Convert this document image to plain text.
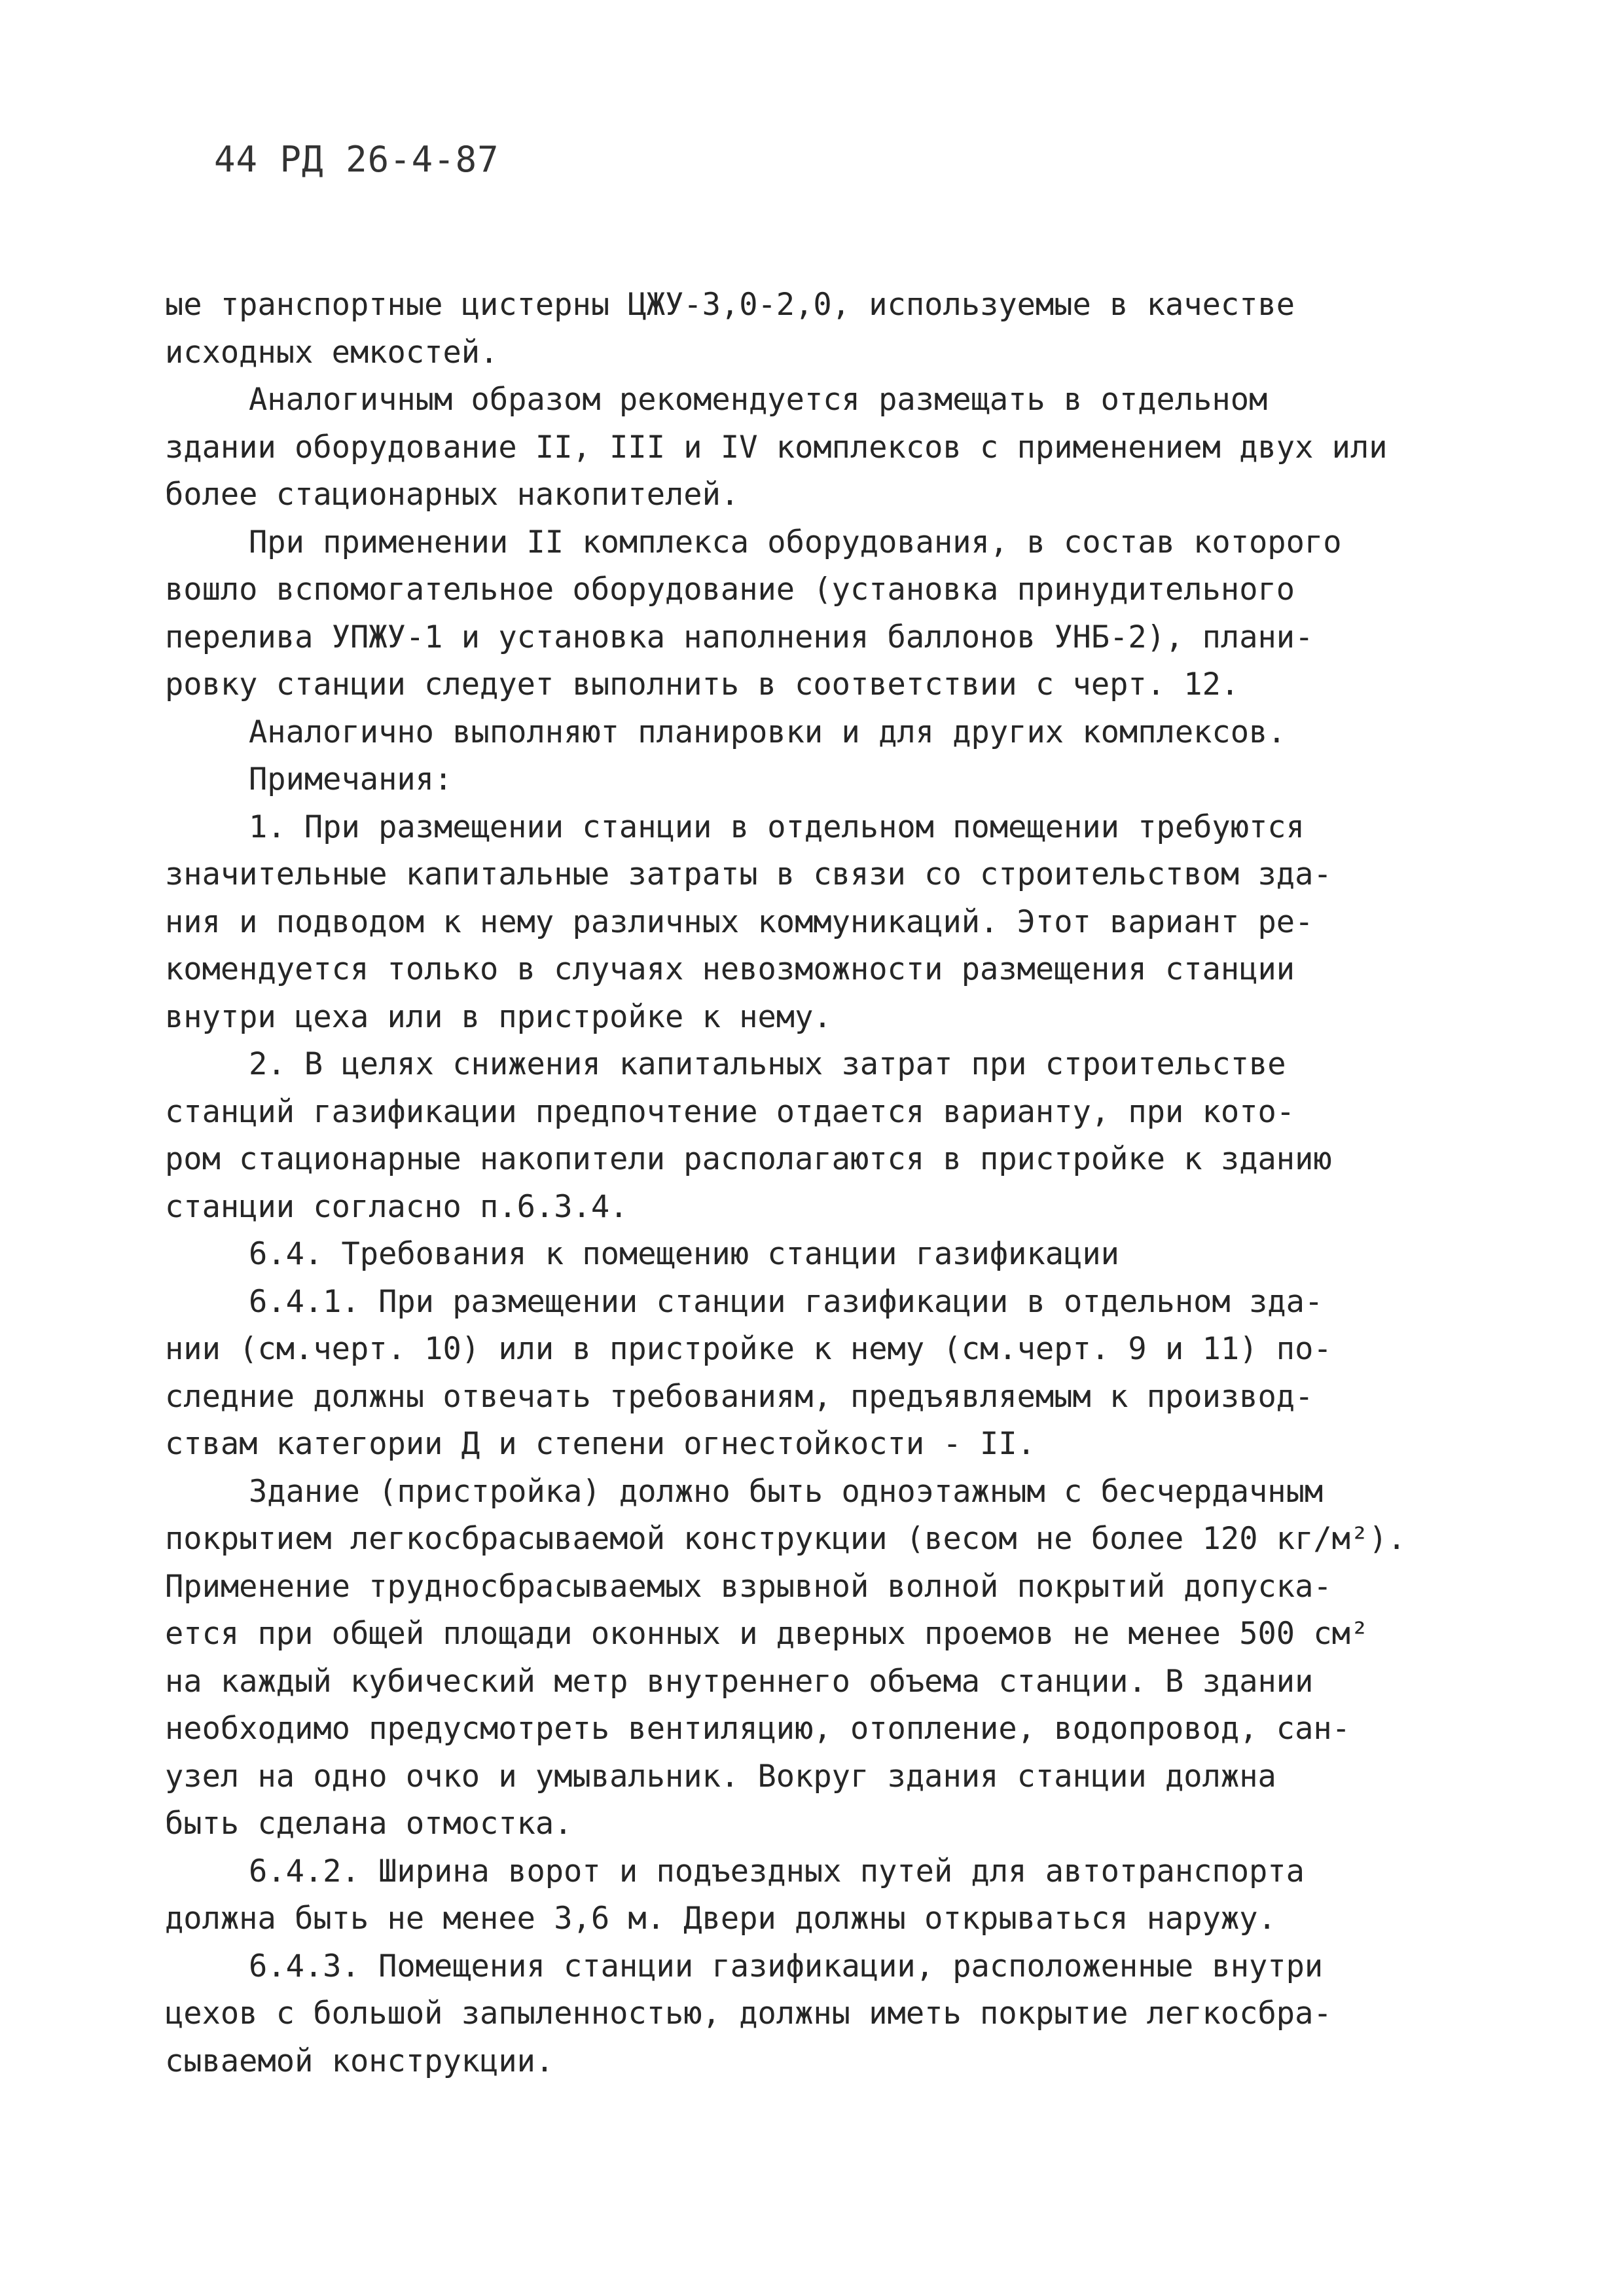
44 РД 26-4-87
ые транспортные цистерны ЦЖУ-3,0-2,0, используемые в качестве
исходных емкостей.
Аналогичным образом рекомендуется размещать в отдельном
здании оборудование II, III и IV комплексов с применением двух или
более стационарных накопителей.
При применении II комплекса оборудования, в состав которого
вошло вспомогательное оборудование (установка принудительного
перелива УПЖУ-1 и установка наполнения баллонов УНБ-2), плани-
ровку станции следует выполнить в соответствии с черт. 12.
Аналогично выполняют планировки и для других комплексов.
Примечания:
1. При размещении станции в отдельном помещении требуются
значительные капитальные затраты в связи со строительством зда-
ния и подводом к нему различных коммуникаций. Этот вариант ре-
комендуется только в случаях невозможности размещения станции
внутри цеха или в пристройке к нему.
2. В целях снижения капитальных затрат при строительстве
станций газификации предпочтение отдается варианту, при кото-
ром стационарные накопители располагаются в пристройке к зданию
станции согласно п.6.3.4.
6.4. Требования к помещению станции газификации
6.4.1. При размещении станции газификации в отдельном зда-
нии (см.черт. 10) или в пристройке к нему (см.черт. 9 и 11) по-
следние должны отвечать требованиям, предъявляемым к производ-
ствам категории Д и степени огнестойкости - II.
Здание (пристройка) должно быть одноэтажным с бесчердачным
покрытием легкосбрасываемой конструкции (весом не более 120 кг/м²).
Применение трудносбрасываемых взрывной волной покрытий допуска-
ется при общей площади оконных и дверных проемов не менее 500 см²
на каждый кубический метр внутреннего объема станции. В здании
необходимо предусмотреть вентиляцию, отопление, водопровод, сан-
узел на одно очко и умывальник. Вокруг здания станции должна
быть сделана отмостка.
6.4.2. Ширина ворот и подъездных путей для автотранспорта
должна быть не менее 3,6 м. Двери должны открываться наружу.
6.4.3. Помещения станции газификации, расположенные внутри
цехов с большой запыленностью, должны иметь покрытие легкосбра-
сываемой конструкции.
